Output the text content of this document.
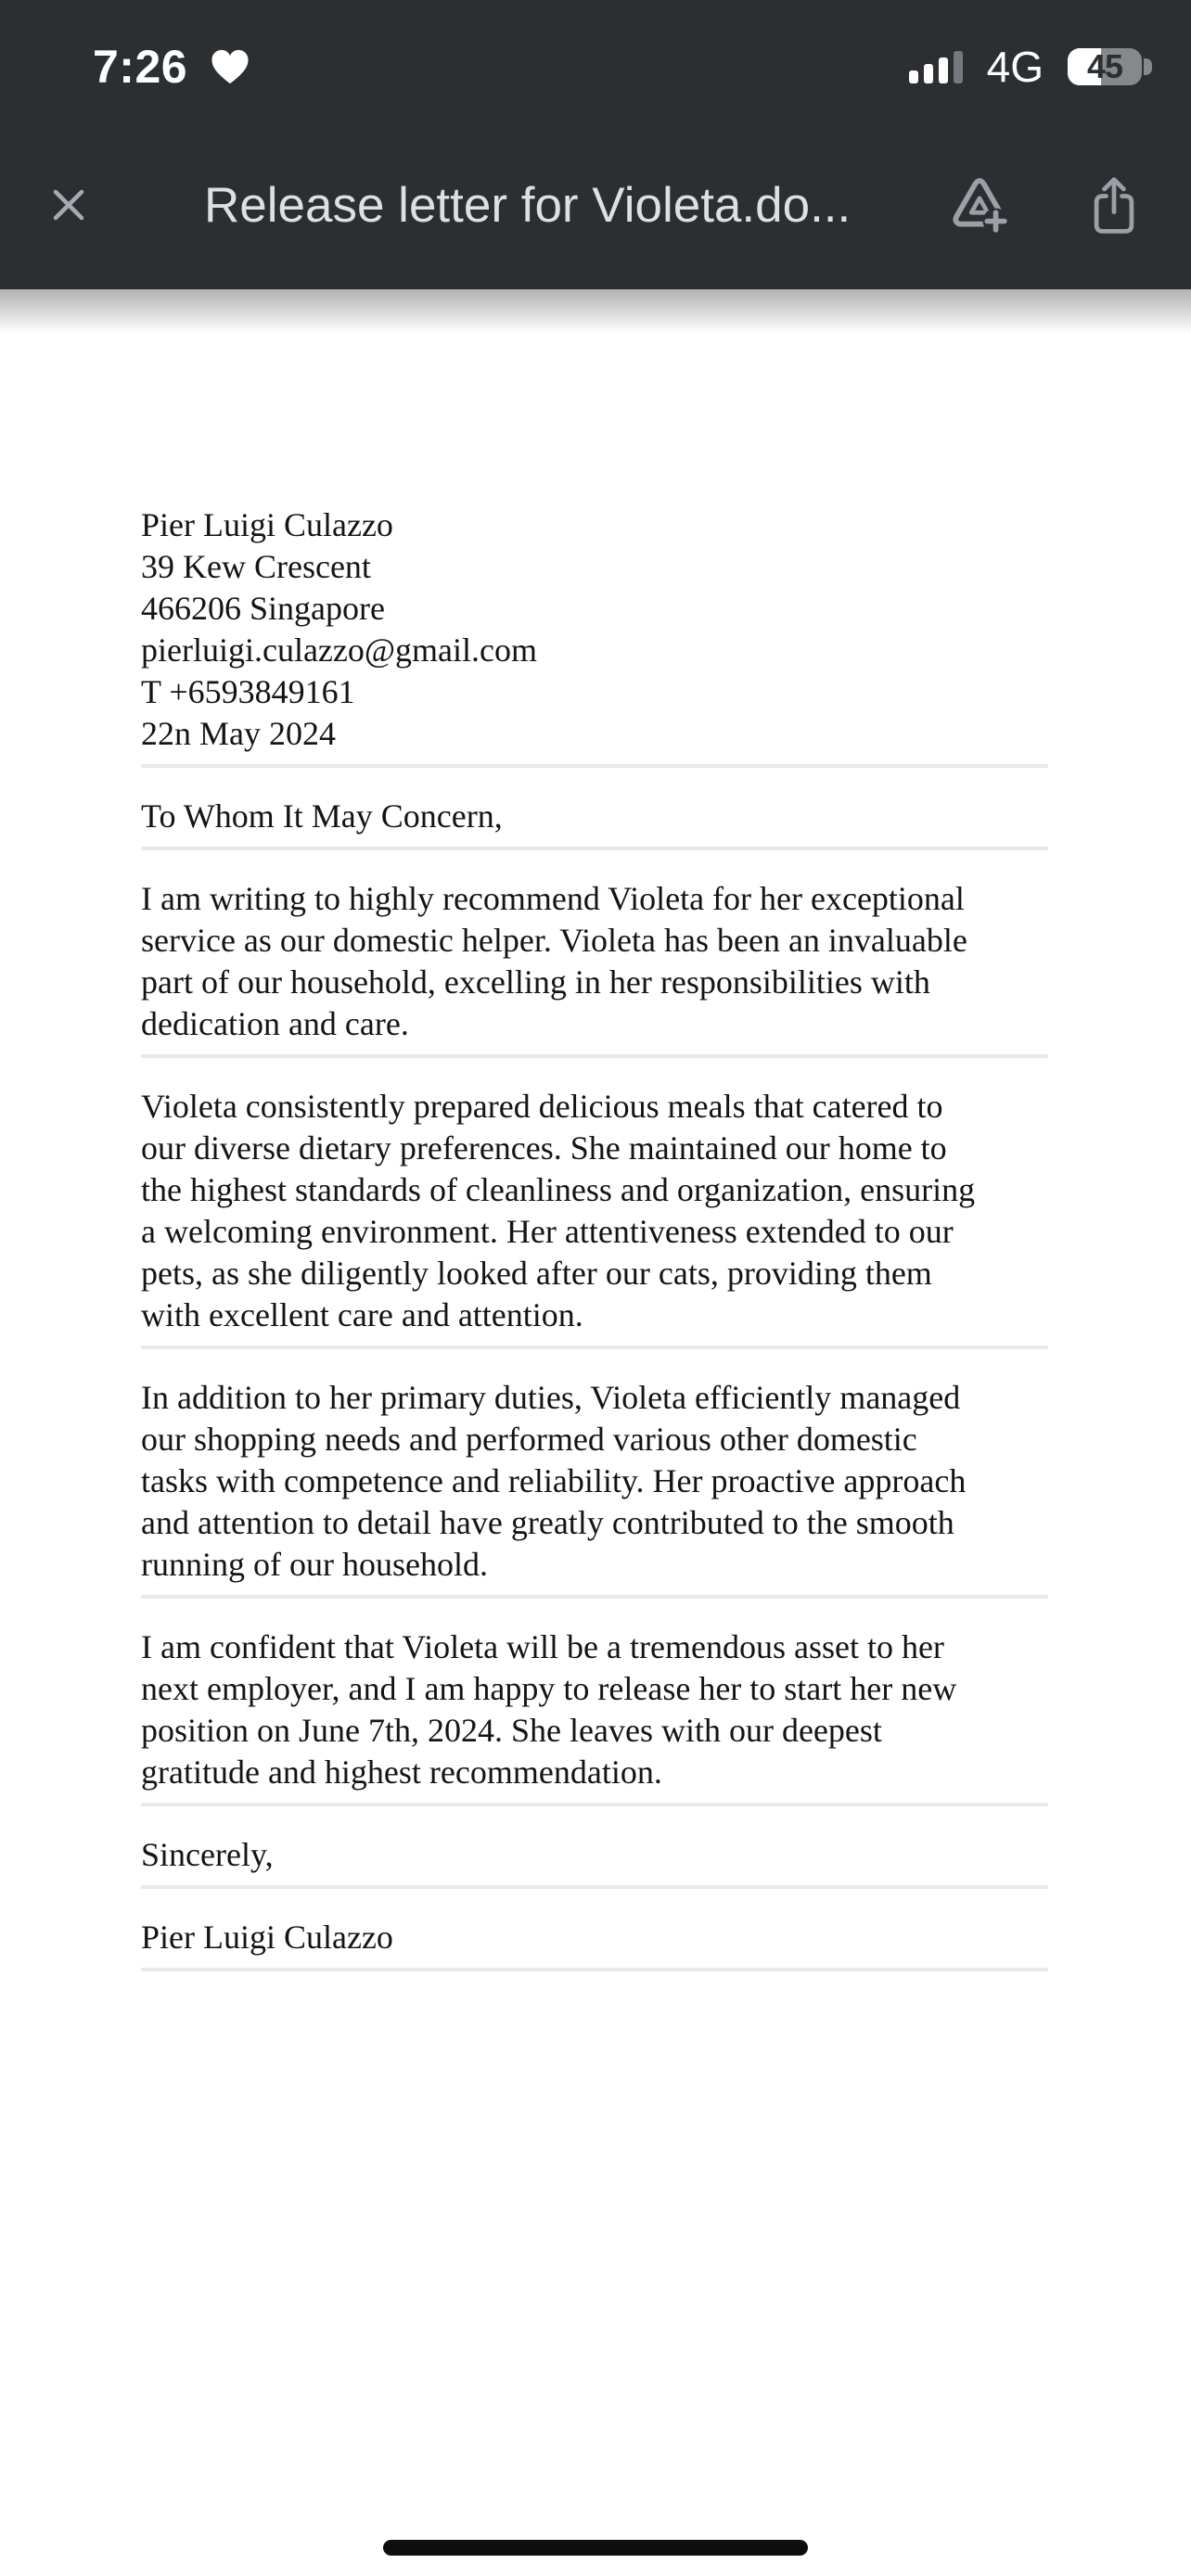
7:26	4G	45
Release letter for Violeta.do...
Pier Luigi Culazzo
39 Kew Crescent
466206 Singapore
pierluigi.culazzo@gmail.com
T +6593849161
22n May 2024
To Whom It May Concern,
I am writing to highly recommend Violeta for her exceptional
service as our domestic helper. Violeta has been an invaluable
part of our household, excelling in her responsibilities with
dedication and care.
Violeta consistently prepared delicious meals that catered to
our diverse dietary preferences. She maintained our home to
the highest standards of cleanliness and organization, ensuring
a welcoming environment. Her attentiveness extended to our
pets, as she diligently looked after our cats, providing them
with excellent care and attention.
In addition to her primary duties, Violeta efficiently managed
our shopping needs and performed various other domestic
tasks with competence and reliability. Her proactive approach
and attention to detail have greatly contributed to the smooth
running of our household.
I am confident that Violeta will be a tremendous asset to her
next employer, and I am happy to release her to start her new
position on June 7th, 2024. She leaves with our deepest
gratitude and highest recommendation.
Sincerely,
Pier Luigi Culazzo
